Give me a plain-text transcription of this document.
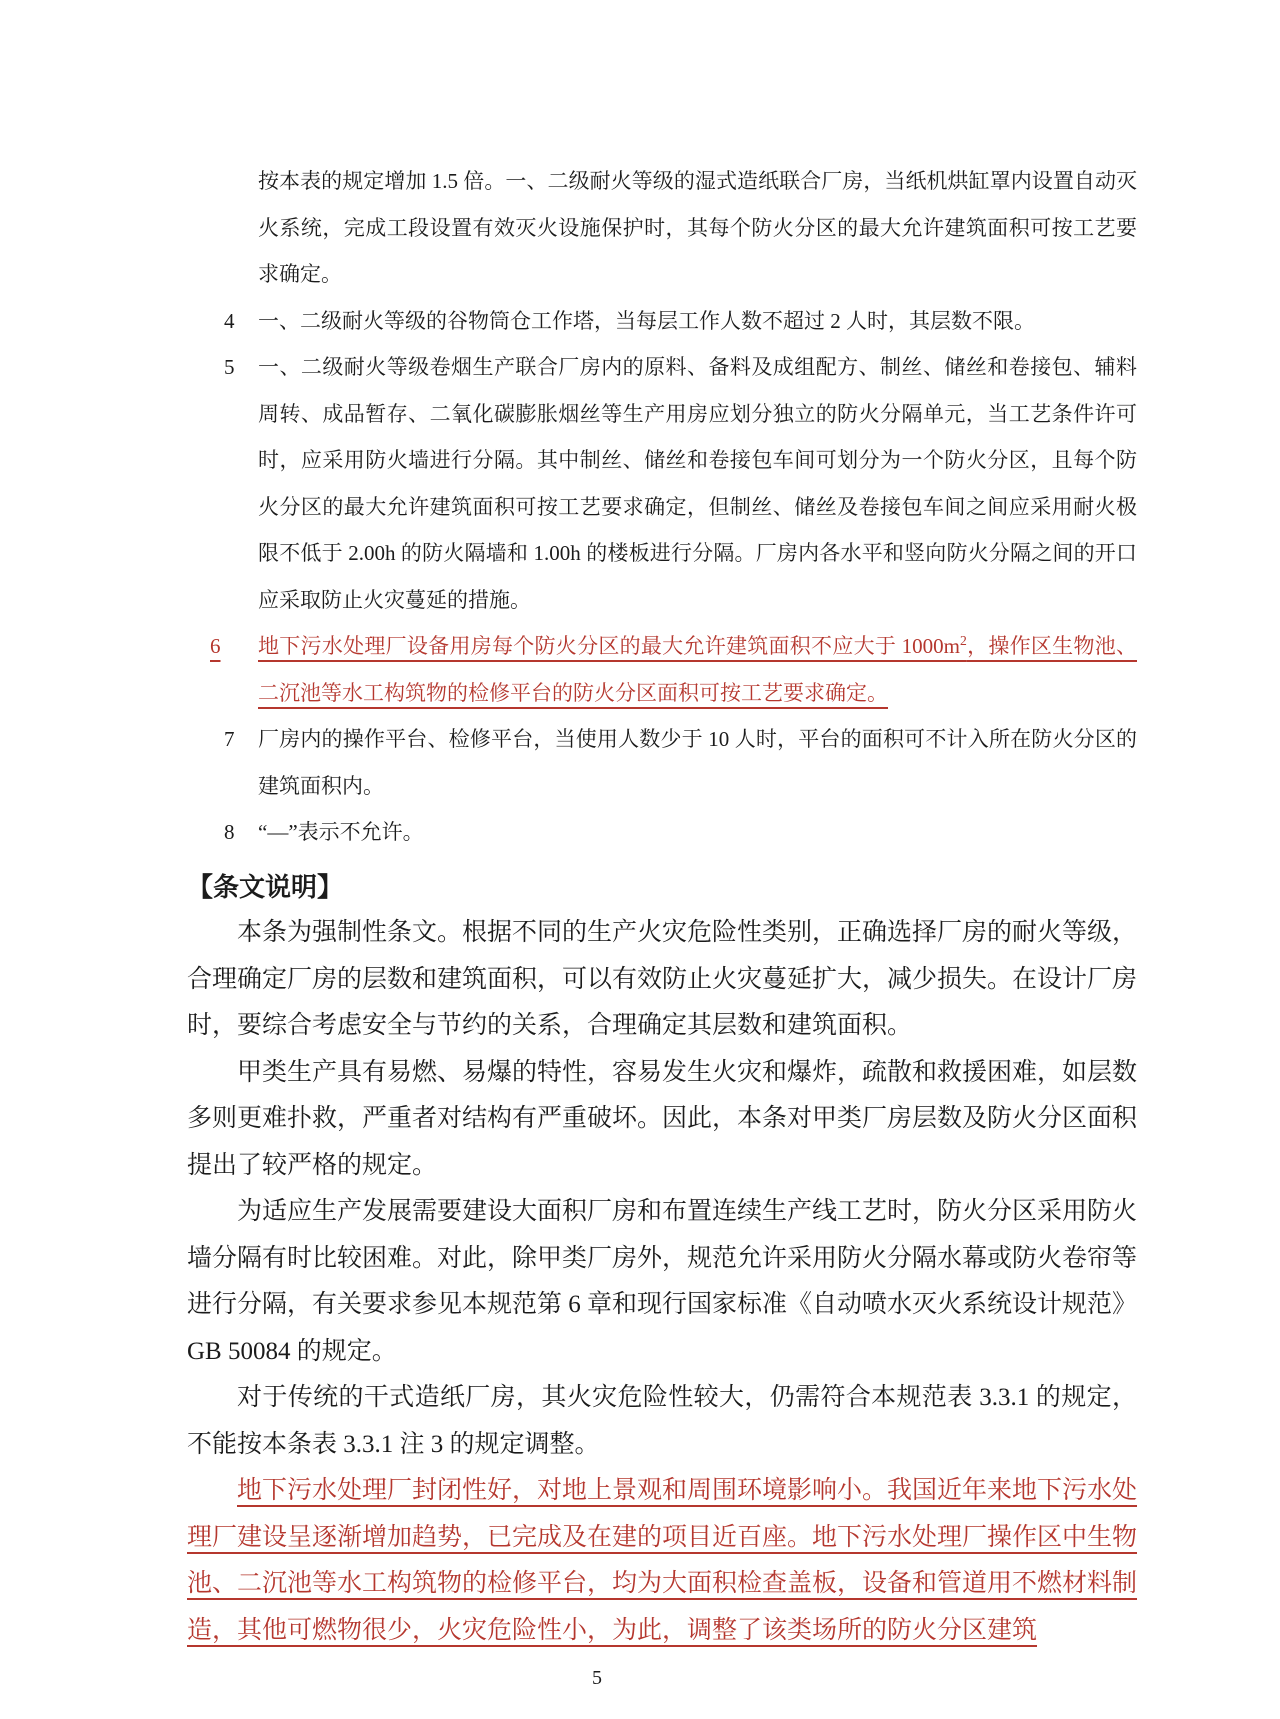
按本表的规定增加 1.5 倍。一、二级耐火等级的湿式造纸联合厂房，当纸机烘缸罩内设置自动灭火系统，完成工段设置有效灭火设施保护时，其每个防火分区的最大允许建筑面积可按工艺要求确定。

4	一、二级耐火等级的谷物筒仓工作塔，当每层工作人数不超过 2 人时，其层数不限。
5	一、二级耐火等级卷烟生产联合厂房内的原料、备料及成组配方、制丝、储丝和卷接包、辅料周转、成品暂存、二氧化碳膨胀烟丝等生产用房应划分独立的防火分隔单元，当工艺条件许可时，应采用防火墙进行分隔。其中制丝、储丝和卷接包车间可划分为一个防火分区，且每个防火分区的最大允许建筑面积可按工艺要求确定，但制丝、储丝及卷接包车间之间应采用耐火极限不低于 2.00h 的防火隔墙和 1.00h 的楼板进行分隔。厂房内各水平和竖向防火分隔之间的开口应采取防止火灾蔓延的措施。
6	地下污水处理厂设备用房每个防火分区的最大允许建筑面积不应大于 $1000m^2$，操作区生物池、二沉池等水工构筑物的检修平台的防火分区面积可按工艺要求确定。
7	厂房内的操作平台、检修平台，当使用人数少于 10 人时，平台的面积可不计入所在防火分区的建筑面积内。
8	“—”表示不允许。
【条文说明】

本条为强制性条文。根据不同的生产火灾危险性类别，正确选择厂房的耐火等级，合理确定厂房的层数和建筑面积，可以有效防止火灾蔓延扩大，减少损失。在设计厂房时，要综合考虑安全与节约的关系，合理确定其层数和建筑面积。

甲类生产具有易燃、易爆的特性，容易发生火灾和爆炸，疏散和救援困难，如层数多则更难扑救，严重者对结构有严重破坏。因此，本条对甲类厂房层数及防火分区面积提出了较严格的规定。

为适应生产发展需要建设大面积厂房和布置连续生产线工艺时，防火分区采用防火墙分隔有时比较困难。对此，除甲类厂房外，规范允许采用防火分隔水幕或防火卷帘等进行分隔，有关要求参见本规范第 6 章和现行国家标准《自动喷水灭火系统设计规范》GB 50084 的规定。

对于传统的干式造纸厂房，其火灾危险性较大，仍需符合本规范表 3.3.1 的规定，不能按本条表 3.3.1 注 3 的规定调整。

地下污水处理厂封闭性好，对地上景观和周围环境影响小。我国近年来地下污水处理厂建设呈逐渐增加趋势，已完成及在建的项目近百座。地下污水处理厂操作区中生物池、二沉池等水工构筑物的检修平台，均为大面积检查盖板，设备和管道用不燃材料制造，其他可燃物很少，火灾危险性小，为此，调整了该类场所的防火分区建筑

5
